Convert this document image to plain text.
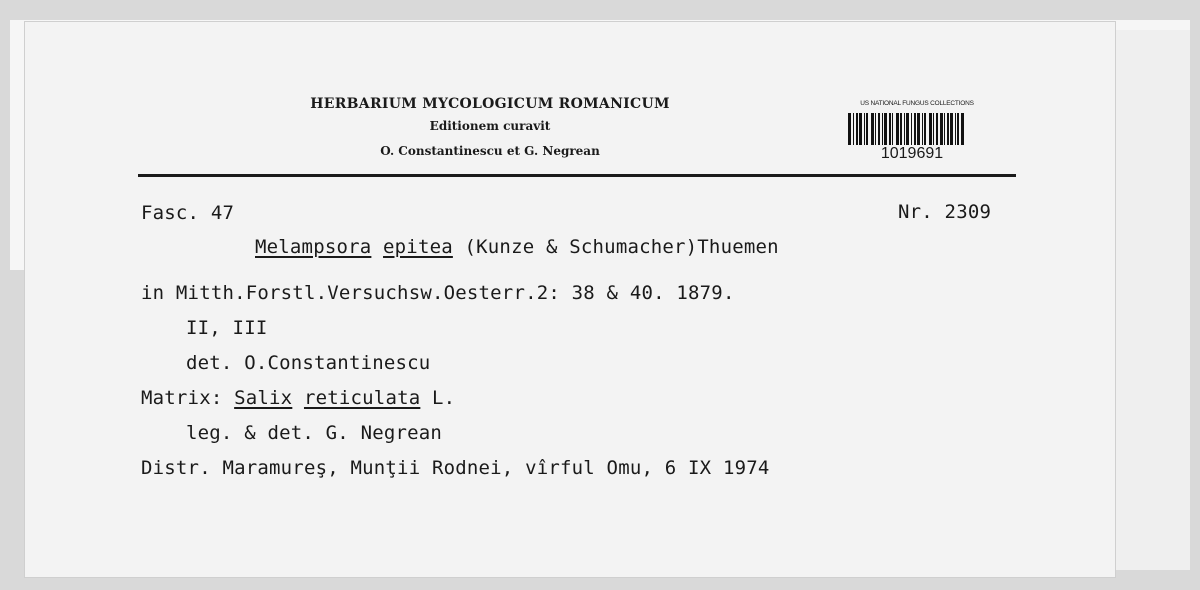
HERBARIUM MYCOLOGICUM ROMANICUM
Editionem curavit
O. Constantinescu et G. Negrean
US NATIONAL FUNGUS COLLECTIONS
1019691
Fasc. 47	Nr. 2309
Melampsora epitea (Kunze & Schumacher)Thuemen
in Mitth.Forstl.Versuchsw.Oesterr.2: 38 & 40. 1879.
II, III
det. O.Constantinescu
Matrix: Salix reticulata L.
leg. & det. G. Negrean
Distr. Maramureş, Munţii Rodnei, vîrful Omu, 6 IX 1974
